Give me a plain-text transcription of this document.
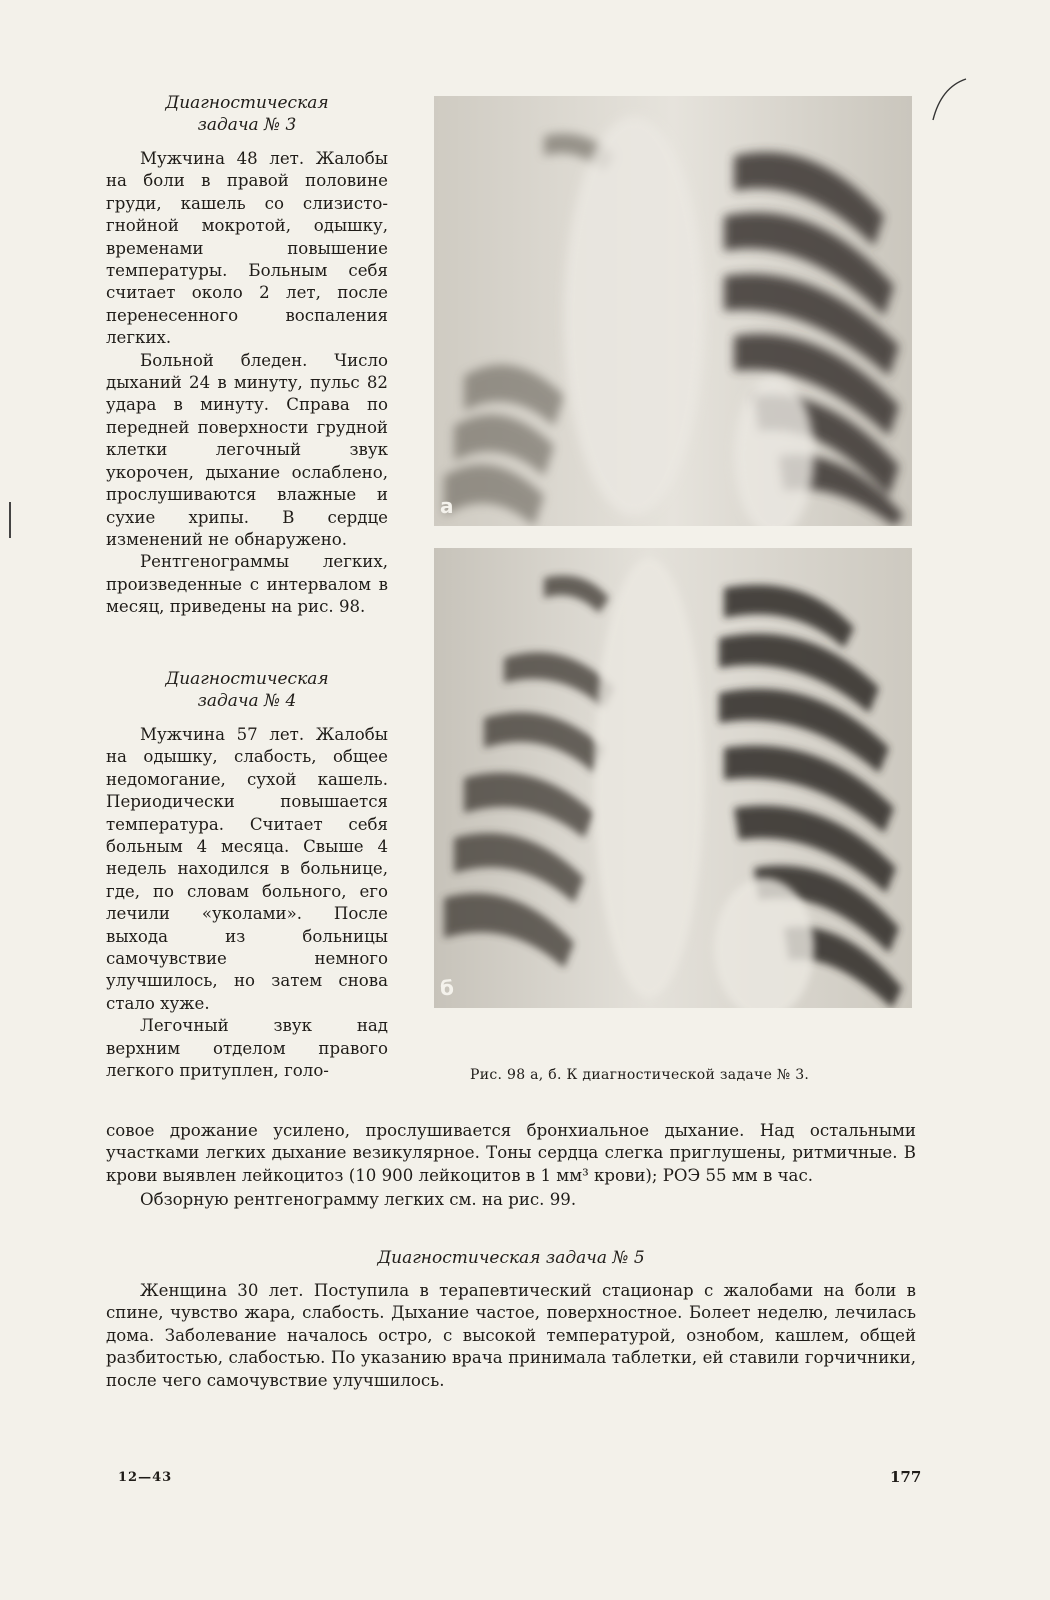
Диагностическая
задача № 3

Мужчина 48 лет. Жалобы на боли в правой половине груди, кашель со слизисто-гнойной мокротой, одышку, временами повышение температуры. Больным себя считает около 2 лет, после перенесенного воспаления легких.

Больной бледен. Число дыханий 24 в минуту, пульс 82 удара в минуту. Справа по передней поверхности грудной клетки легочный звук укорочен, дыхание ослаблено, прослушиваются влажные и сухие хрипы. В сердце изменений не обнаружено.

Рентгенограммы легких, произведенные с интервалом в месяц, приведены на рис. 98.

Диагностическая
задача № 4

Мужчина 57 лет. Жалобы на одышку, слабость, общее недомогание, сухой кашель. Периодически повышается температура. Считает себя больным 4 месяца. Свыше 4 недель находился в больнице, где, по словам больного, его лечили «уколами». После выхода из больницы самочувствие немного улучшилось, но затем снова стало хуже.

Легочный звук над верхним отделом правого легкого притуплен, голо-

а
б
Рис. 98 а, б. К диагностической задаче № 3.

совое дрожание усилено, прослушивается бронхиальное дыхание. Над остальными участками легких дыхание везикулярное. Тоны сердца слегка приглушены, ритмичные. В крови выявлен лейкоцитоз (10 900 лейкоцитов в 1 мм³ крови); РОЭ 55 мм в час.

Обзорную рентгенограмму легких см. на рис. 99.

Диагностическая задача № 5

Женщина 30 лет. Поступила в терапевтический стационар с жалобами на боли в спине, чувство жара, слабость. Дыхание частое, поверхностное. Болеет неделю, лечилась дома. Заболевание началось остро, с высокой температурой, ознобом, кашлем, общей разбитостью, слабостью. По указанию врача принимала таблетки, ей ставили горчичники, после чего самочувствие улучшилось.

12—43	177
